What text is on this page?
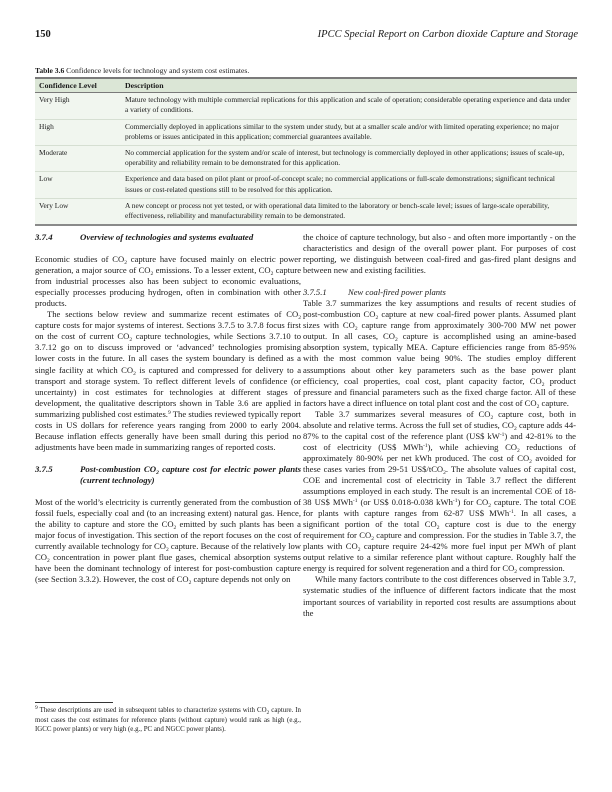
150	IPCC Special Report on Carbon dioxide Capture and Storage
Table 3.6 Confidence levels for technology and system cost estimates.
Confidence Level	Description
Very High	Mature technology with multiple commercial replications for this application and scale of operation; considerable operating experience and data under a variety of conditions.
High	Commercially deployed in applications similar to the system under study, but at a smaller scale and/or with limited operating experience; no major problems or issues anticipated in this application; commercial guarantees available.
Moderate	No commercial application for the system and/or scale of interest, but technology is commercially deployed in other applications; issues of scale-up, operability and reliability remain to be demonstrated for this application.
Low	Experience and data based on pilot plant or proof-of-concept scale; no commercial applications or full-scale demonstrations; significant technical issues or cost-related questions still to be resolved for this application.
Very Low	A new concept or process not yet tested, or with operational data limited to the laboratory or bench-scale level; issues of large-scale operability, effectiveness, reliability and manufacturability remain to be demonstrated.
3.7.4	Overview of technologies and systems evaluated

Economic studies of $CO_2$ capture have focused mainly on electric power generation, a major source of $CO_2$ emissions. To a lesser extent, $CO_2$ capture from industrial processes also has been subject to economic evaluations, especially processes producing hydrogen, often in combination with other products.

The sections below review and summarize recent estimates of $CO_2$ capture costs for major systems of interest. Sections 3.7.5 to 3.7.8 focus first on the cost of current $CO_2$ capture technologies, while Sections 3.7.10 to 3.7.12 go on to discuss improved or ‘advanced’ technologies promising lower costs in the future. In all cases the system boundary is defined as a single facility at which $CO_2$ is captured and compressed for delivery to a transport and storage system. To reflect different levels of confidence (or uncertainty) in cost estimates for technologies at different stages of development, the qualitative descriptors shown in Table 3.6 are applied in summarizing published cost estimates.$^9$ The studies reviewed typically report costs in US dollars for reference years ranging from 2000 to early 2004. Because inflation effects generally have been small during this period no adjustments have been made in summarizing ranges of reported costs.

3.7.5	Post-combustion $CO_2$ capture cost for electric power plants (current technology)

Most of the world’s electricity is currently generated from the combustion of fossil fuels, especially coal and (to an increasing extent) natural gas. Hence, the ability to capture and store the $CO_2$ emitted by such plants has been a major focus of investigation. This section of the report focuses on the cost of currently available technology for $CO_2$ capture. Because of the relatively low $CO_2$ concentration in power plant flue gases, chemical absorption systems have been the dominant technology of interest for post-combustion capture (see Section 3.3.2). However, the cost of $CO_2$ capture depends not only on

the choice of capture technology, but also - and often more importantly - on the characteristics and design of the overall power plant. For purposes of cost reporting, we distinguish between coal-fired and gas-fired plant designs and between new and existing facilities.

3.7.5.1	New coal-fired power plants

Table 3.7 summarizes the key assumptions and results of recent studies of post-combustion $CO_2$ capture at new coal-fired power plants. Assumed plant sizes with $CO_2$ capture range from approximately 300-700 MW net power output. In all cases, $CO_2$ capture is accomplished using an amine-based absorption system, typically MEA. Capture efficiencies range from 85-95% with the most common value being 90%. The studies employ different assumptions about other key parameters such as the base power plant efficiency, coal properties, coal cost, plant capacity factor, $CO_2$ product pressure and financial parameters such as the fixed charge factor. All of these factors have a direct influence on total plant cost and the cost of $CO_2$ capture.

Table 3.7 summarizes several measures of $CO_2$ capture cost, both in absolute and relative terms. Across the full set of studies, $CO_2$ capture adds 44-87% to the capital cost of the reference plant (US$ $kW^{-1}$) and 42-81% to the cost of electricity (US$ MWh$^{-1}$), while achieving $CO_2$ reductions of approximately 80-90% per net kWh produced. The cost of $CO_2$ avoided for these cases varies from 29-51 US$/tCO$_2$. The absolute values of capital cost, COE and incremental cost of electricity in Table 3.7 reflect the different assumptions employed in each study. The result is an incremental COE of 18-38 US$ MWh$^{-1}$ (or US$ 0.018-0.038 kWh$^{-1}$) for $CO_2$ capture. The total COE for plants with capture ranges from 62-87 US$ MWh$^{-1}$. In all cases, a significant portion of the total $CO_2$ capture cost is due to the energy requirement for $CO_2$ capture and compression. For the studies in Table 3.7, the plants with $CO_2$ capture require 24-42% more fuel input per MWh of plant output relative to a similar reference plant without capture. Roughly half the energy is required for solvent regeneration and a third for $CO_2$ compression.

While many factors contribute to the cost differences observed in Table 3.7, systematic studies of the influence of different factors indicate that the most important sources of variability in reported cost results are assumptions about the

$^9$ These descriptions are used in subsequent tables to characterize systems with $CO_2$ capture. In most cases the cost estimates for reference plants (without capture) would rank as high (e.g., IGCC power plants) or very high (e.g., PC and NGCC power plants).
